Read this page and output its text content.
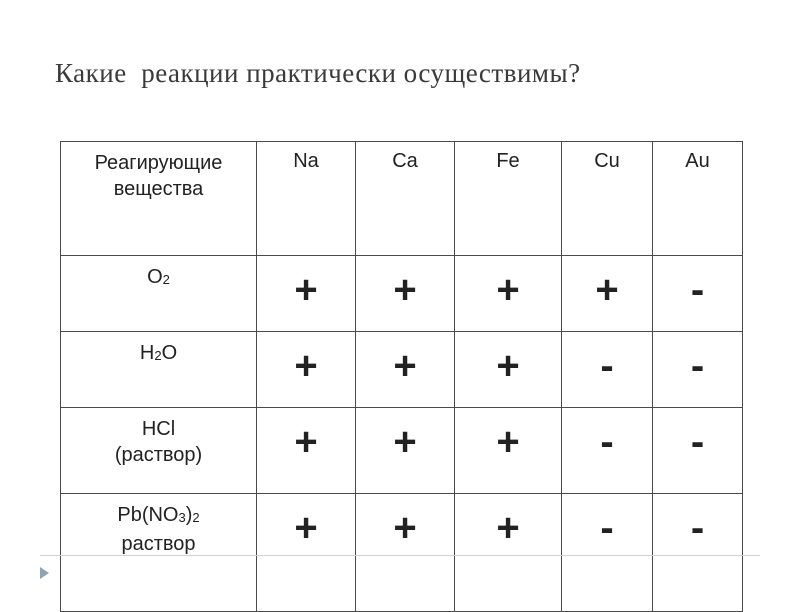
Какие  реакции практически осуществимы?
Реагирующие
вещества	Na	Ca	Fe	Cu	Au
$O_2$	+	+	+	+	-
$H_2O$	+	+	+	-	-
HCl
(раствор)	+	+	+	-	-
$Pb(NO_3)_2$
раствор	+	+	+	-	-
